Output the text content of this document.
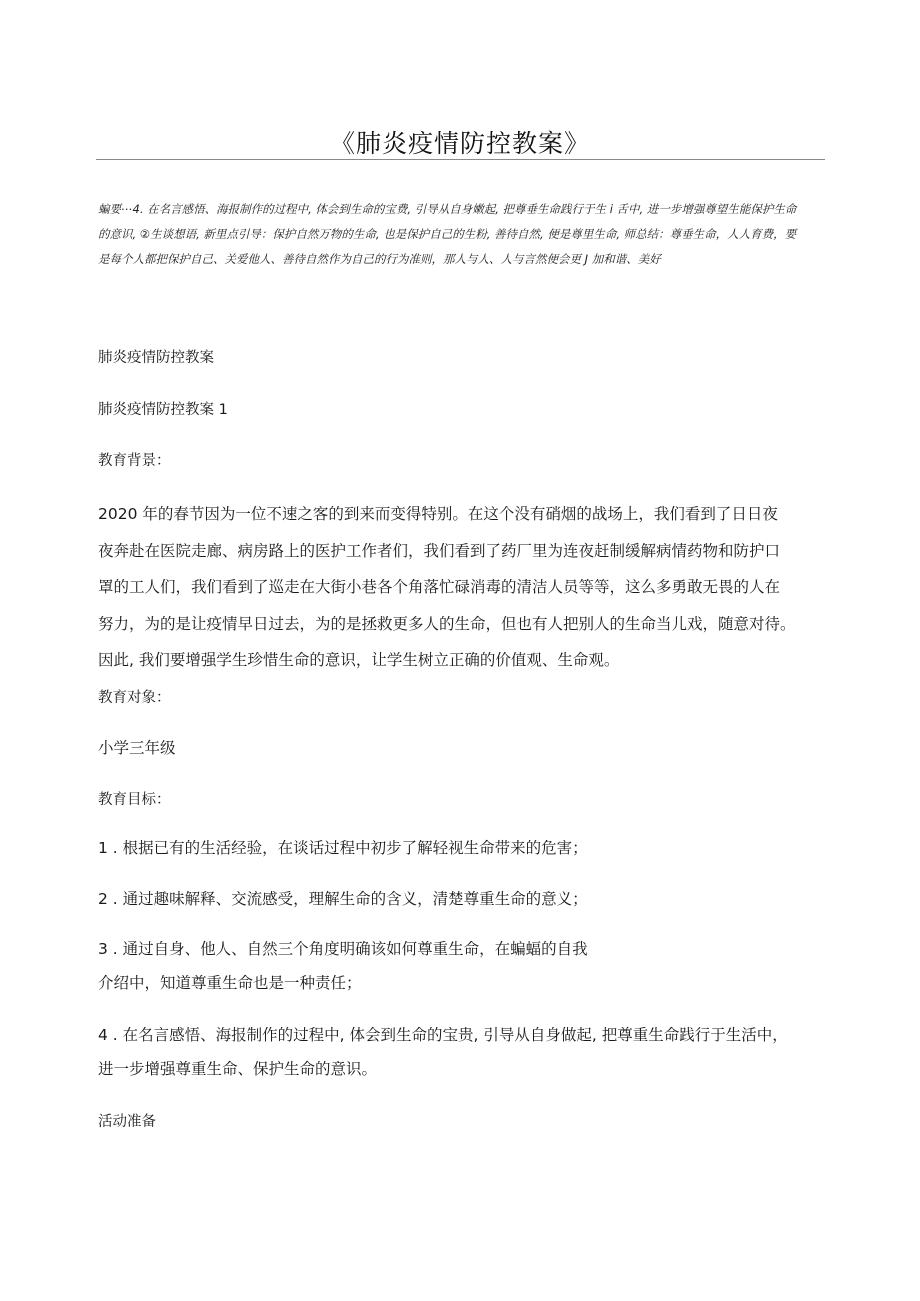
《肺炎疫情防控教案》
蝙要⋯4. 在名言感悟、海报制作的过程中, 体会到生命的宝费, 引导从自身嫩起, 把尊垂生命践行于生 i 舌中, 进一步增强尊望生能保护生命
的意识, ②生谈想语, 新里点引导：保护自然万物的生命, 也是保护自己的生粉, 善待自然, 便是尊里生命, 师总结：尊垂生命，人人育费，要
是每个人都把保护自己、关爱他人、善待自然作为自己的行为准则，那人与人、人与言然便会更 J 加和谐、美好
肺炎疫情防控教案
肺炎疫情防控教案 1
教育背景：
2020 年的春节因为一位不速之客的到来而变得特别。在这个没有硝烟的战场上，我们看到了日日夜
夜奔赴在医院走廊、病房路上的医护工作者们，我们看到了药厂里为连夜赶制缓解病情药物和防护口
罩的工人们，我们看到了巡走在大街小巷各个角落忙碌消毒的清洁人员等等，这么多勇敢无畏的人在
努力，为的是让疫情早日过去，为的是拯救更多人的生命，但也有人把别人的生命当儿戏，随意对待。
因此, 我们要增强学生珍惜生命的意识，让学生树立正确的价值观、生命观。
教育对象：
小学三年级
教育目标：
1 . 根据已有的生活经验，在谈话过程中初步了解轻视生命带来的危害；
2 . 通过趣味解释、交流感受，理解生命的含义，清楚尊重生命的意义；
3 . 通过自身、他人、自然三个角度明确该如何尊重生命，在蝙蝠的自我
介绍中，知道尊重生命也是一种责任；
4 . 在名言感悟、海报制作的过程中, 体会到生命的宝贵, 引导从自身做起, 把尊重生命践行于生活中，
进一步增强尊重生命、保护生命的意识。
活动准备
